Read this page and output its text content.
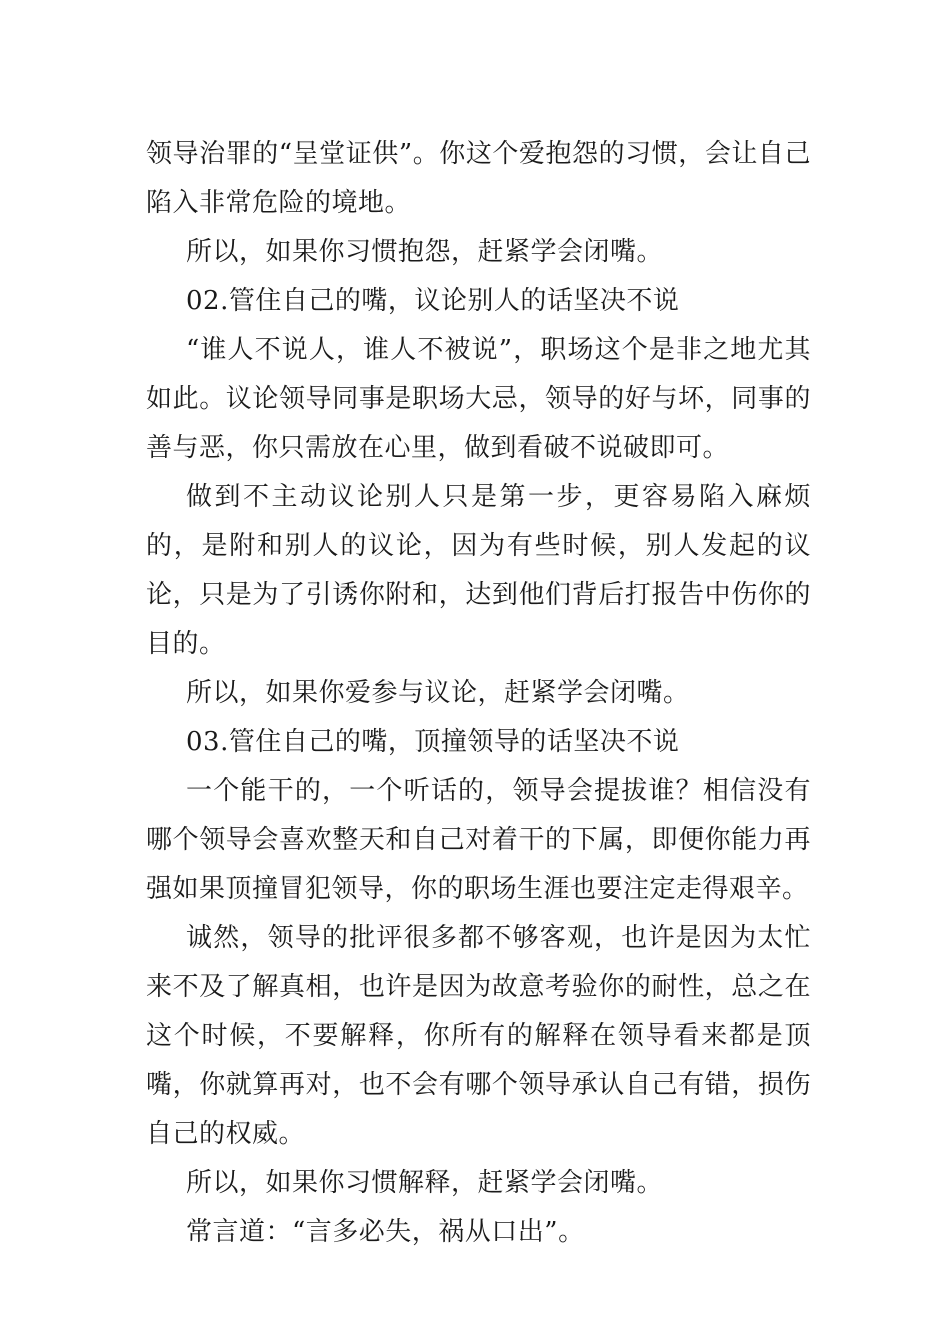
领导治罪的“呈堂证供”。你这个爱抱怨的习惯，会让自己陷入非常危险的境地。

所以，如果你习惯抱怨，赶紧学会闭嘴。

02.管住自己的嘴，议论别人的话坚决不说

“谁人不说人，谁人不被说”，职场这个是非之地尤其如此。议论领导同事是职场大忌，领导的好与坏，同事的善与恶，你只需放在心里，做到看破不说破即可。

做到不主动议论别人只是第一步，更容易陷入麻烦的，是附和别人的议论，因为有些时候，别人发起的议论，只是为了引诱你附和，达到他们背后打报告中伤你的目的。

所以，如果你爱参与议论，赶紧学会闭嘴。

03.管住自己的嘴，顶撞领导的话坚决不说

一个能干的，一个听话的，领导会提拔谁？相信没有哪个领导会喜欢整天和自己对着干的下属，即便你能力再强如果顶撞冒犯领导，你的职场生涯也要注定走得艰辛。

诚然，领导的批评很多都不够客观，也许是因为太忙来不及了解真相，也许是因为故意考验你的耐性，总之在这个时候，不要解释，你所有的解释在领导看来都是顶嘴，你就算再对，也不会有哪个领导承认自己有错，损伤自己的权威。

所以，如果你习惯解释，赶紧学会闭嘴。

常言道：“言多必失，祸从口出”。
